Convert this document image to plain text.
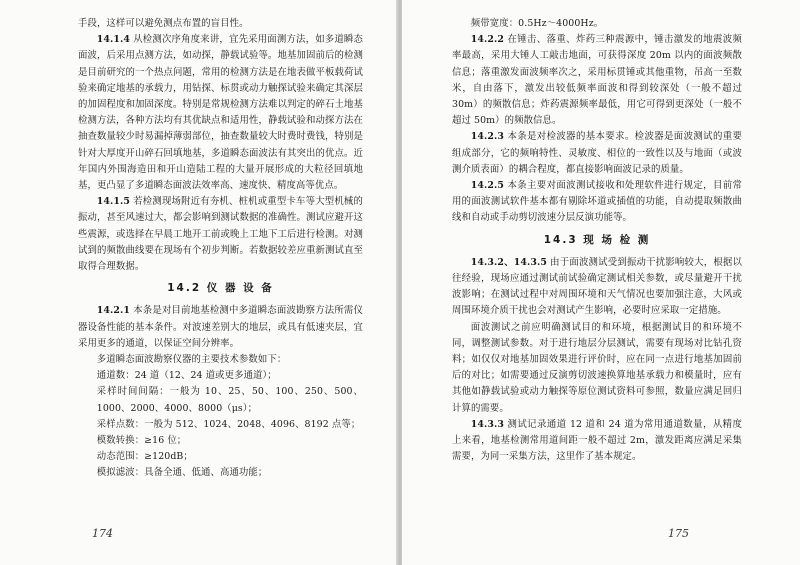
手段，这样可以避免测点布置的盲目性。

14.1.4 从检测次序角度来讲，宜先采用面测方法，如多道瞬态面波，后采用点测方法，如动探，静载试验等。地基加固前后的检测是目前研究的一个热点问题，常用的检测方法是在地表做平板载荷试验来确定地基的承载力，用钻探、标贯或动力触探试验来确定其深层的加固程度和加固深度。特别是常规检测方法难以判定的碎石土地基检测方法，各种方法均有其优缺点和适用性，静载试验和动探方法在抽查数量较少时易漏掉薄弱部位，抽查数量较大时费时费钱，特别是针对大厚度开山碎石回填地基，多道瞬态面波法有其突出的优点。近年国内外围海造田和开山造陆工程的大量开展形成的大粒径回填地基，更凸显了多道瞬态面波法效率高、速度快、精度高等优点。

14.1.5 若检测现场附近有夯机、桩机或重型卡车等大型机械的振动，甚至风速过大，都会影响到测试数据的准确性。测试应避开这些震源，或选择在早晨工地开工前或晚上工地下工后进行检测。对测试到的频散曲线要在现场有个初步判断。若数据较差应重新测试直至取得合理数据。

14.2 仪 器 设 备

14.2.1 本条是对目前地基检测中多道瞬态面波勘察方法所需仪器设备性能的基本条件。对波速差别大的地层，或具有低速夹层，宜采用更多的通道，以保证空间分辨率。

多道瞬态面波勘察仪器的主要技术参数如下：

通道数：24 道（12、24 道或更多通道）；

采样时间间隔：一般为 10、25、50、100、250、500、1000、2000、4000、8000（μs）；

采样点数：一般为 512、1024、2048、4096、8192 点等；

模数转换：≥16 位；

动态范围：≥120dB；

模拟滤波：具备全通、低通、高通功能；

174

频带宽度：0.5Hz～4000Hz。

14.2.2 在锤击、落重、炸药三种震源中，锤击激发的地震波频率最高，采用大锤人工敲击地面，可获得深度 20m 以内的面波频散信息；落重激发面波频率次之，采用标贯锤或其他重物，吊高一至数米，自由落下，激发出较低频率面波和得到较深处（一般不超过 30m）的频散信息；炸药震源频率最低，用它可得到更深处（一般不超过 50m）的频散信息。

14.2.3 本条是对检波器的基本要求。检波器是面波测试的重要组成部分，它的频响特性、灵敏度、相位的一致性以及与地面（或波测介质表面）的耦合程度，都直接影响面波记录的质量。

14.2.5 本条主要对面波测试接收和处理软件进行规定，目前常用的面波测试软件基本都有剔除坏道或插值的功能，自动提取频散曲线和自动或手动剪切波速分层反演功能等。

14.3 现 场 检 测

14.3.2、14.3.5 由于面波测试受到振动干扰影响较大，根据以往经验，现场应通过测试前试验确定测试相关参数，或尽量避开干扰波影响；在测试过程中对周围环境和天气情况也要加强注意，大风或周围环境介质干扰也会对测试产生影响，必要时应采取一定措施。

面波测试之前应明确测试目的和环境，根据测试目的和环境不同，调整测试参数。对于进行地层分层测试，需要有现场对比钻孔资料；如仅仅对地基加固效果进行评价时，应在同一点进行地基加固前后的对比；如需要通过反演剪切波速换算地基承载力和模量时，应有其他如静载试验或动力触探等原位测试资料可参照，数量应满足回归计算的需要。

14.3.3 测试记录通道 12 道和 24 道为常用通道数量，从精度上来看，地基检测常用道间距一般不超过 2m，激发距离应满足采集需要，为同一采集方法，这里作了基本规定。

175
